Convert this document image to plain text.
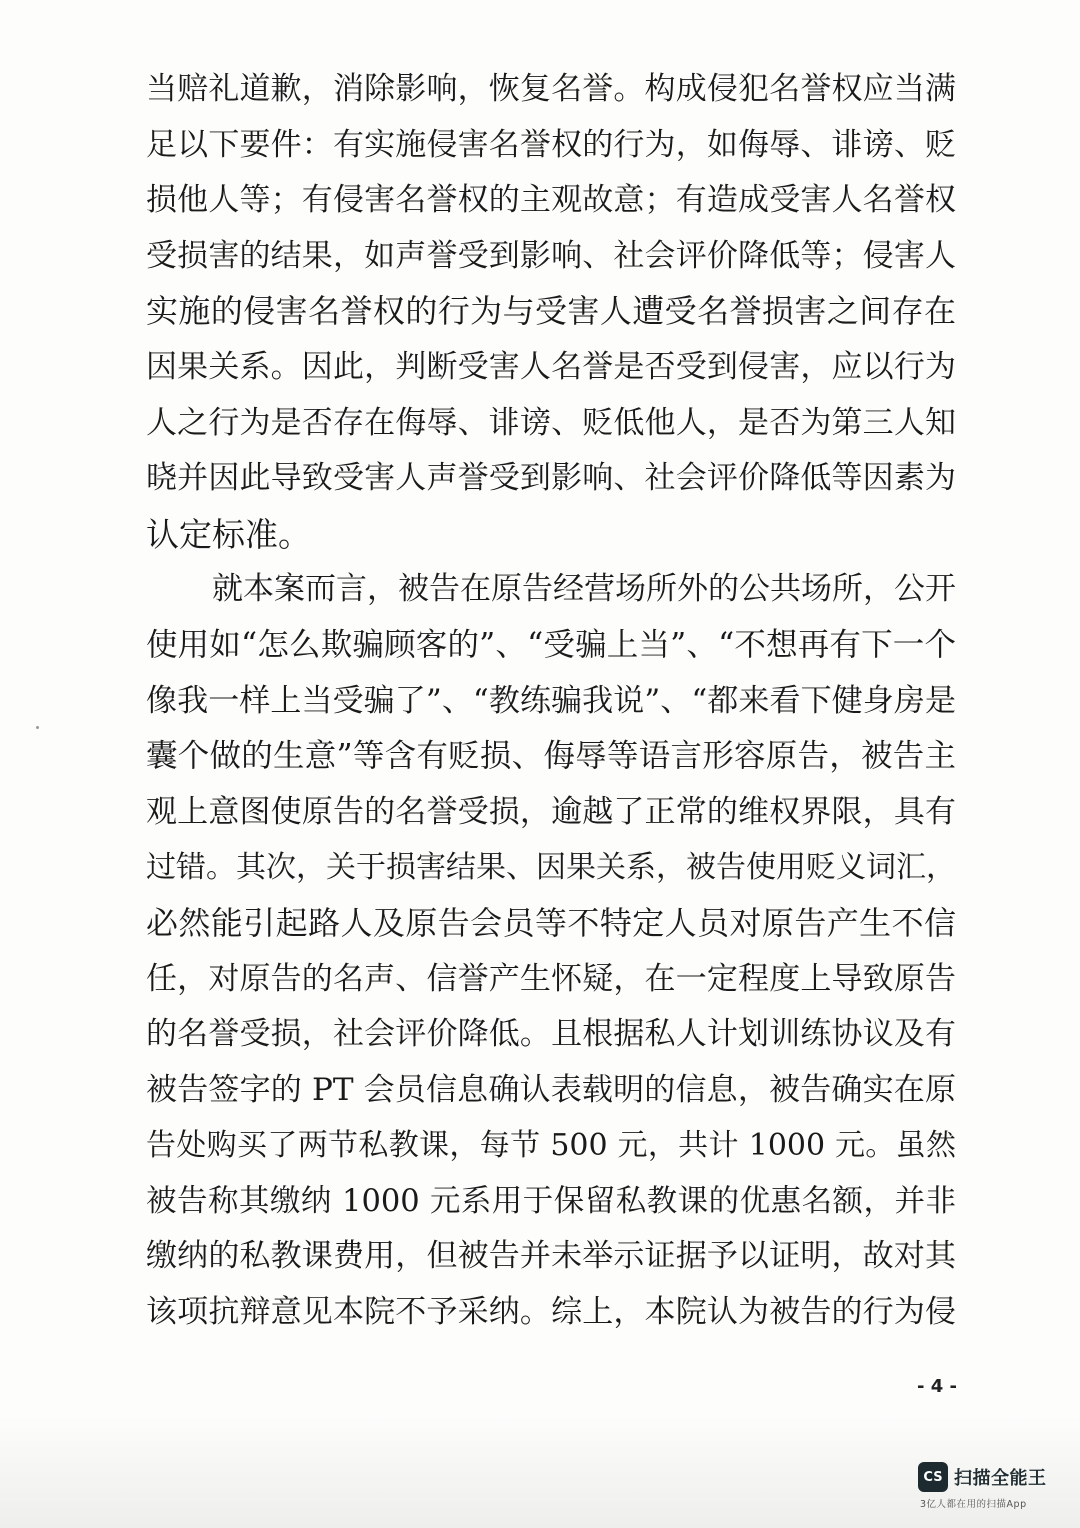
当赔礼道歉，消除影响，恢复名誉。构成侵犯名誉权应当满
足以下要件：有实施侵害名誉权的行为，如侮辱、诽谤、贬
损他人等；有侵害名誉权的主观故意；有造成受害人名誉权
受损害的结果，如声誉受到影响、社会评价降低等；侵害人
实施的侵害名誉权的行为与受害人遭受名誉损害之间存在
因果关系。因此，判断受害人名誉是否受到侵害，应以行为
人之行为是否存在侮辱、诽谤、贬低他人，是否为第三人知
晓并因此导致受害人声誉受到影响、社会评价降低等因素为
认定标准。
就本案而言，被告在原告经营场所外的公共场所，公开
使用如“怎么欺骗顾客的”、“受骗上当”、“不想再有下一个
像我一样上当受骗了”、“教练骗我说”、“都来看下健身房是
囊个做的生意”等含有贬损、侮辱等语言形容原告，被告主
观上意图使原告的名誉受损，逾越了正常的维权界限，具有
过错。其次，关于损害结果、因果关系，被告使用贬义词汇，
必然能引起路人及原告会员等不特定人员对原告产生不信
任，对原告的名声、信誉产生怀疑，在一定程度上导致原告
的名誉受损，社会评价降低。且根据私人计划训练协议及有
被告签字的 PT 会员信息确认表载明的信息，被告确实在原
告处购买了两节私教课，每节 500 元，共计 1000 元。虽然
被告称其缴纳 1000 元系用于保留私教课的优惠名额，并非
缴纳的私教课费用，但被告并未举示证据予以证明，故对其
该项抗辩意见本院不予采纳。综上，本院认为被告的行为侵
- 4 -
CS 扫描全能王
3亿人都在用的扫描App
